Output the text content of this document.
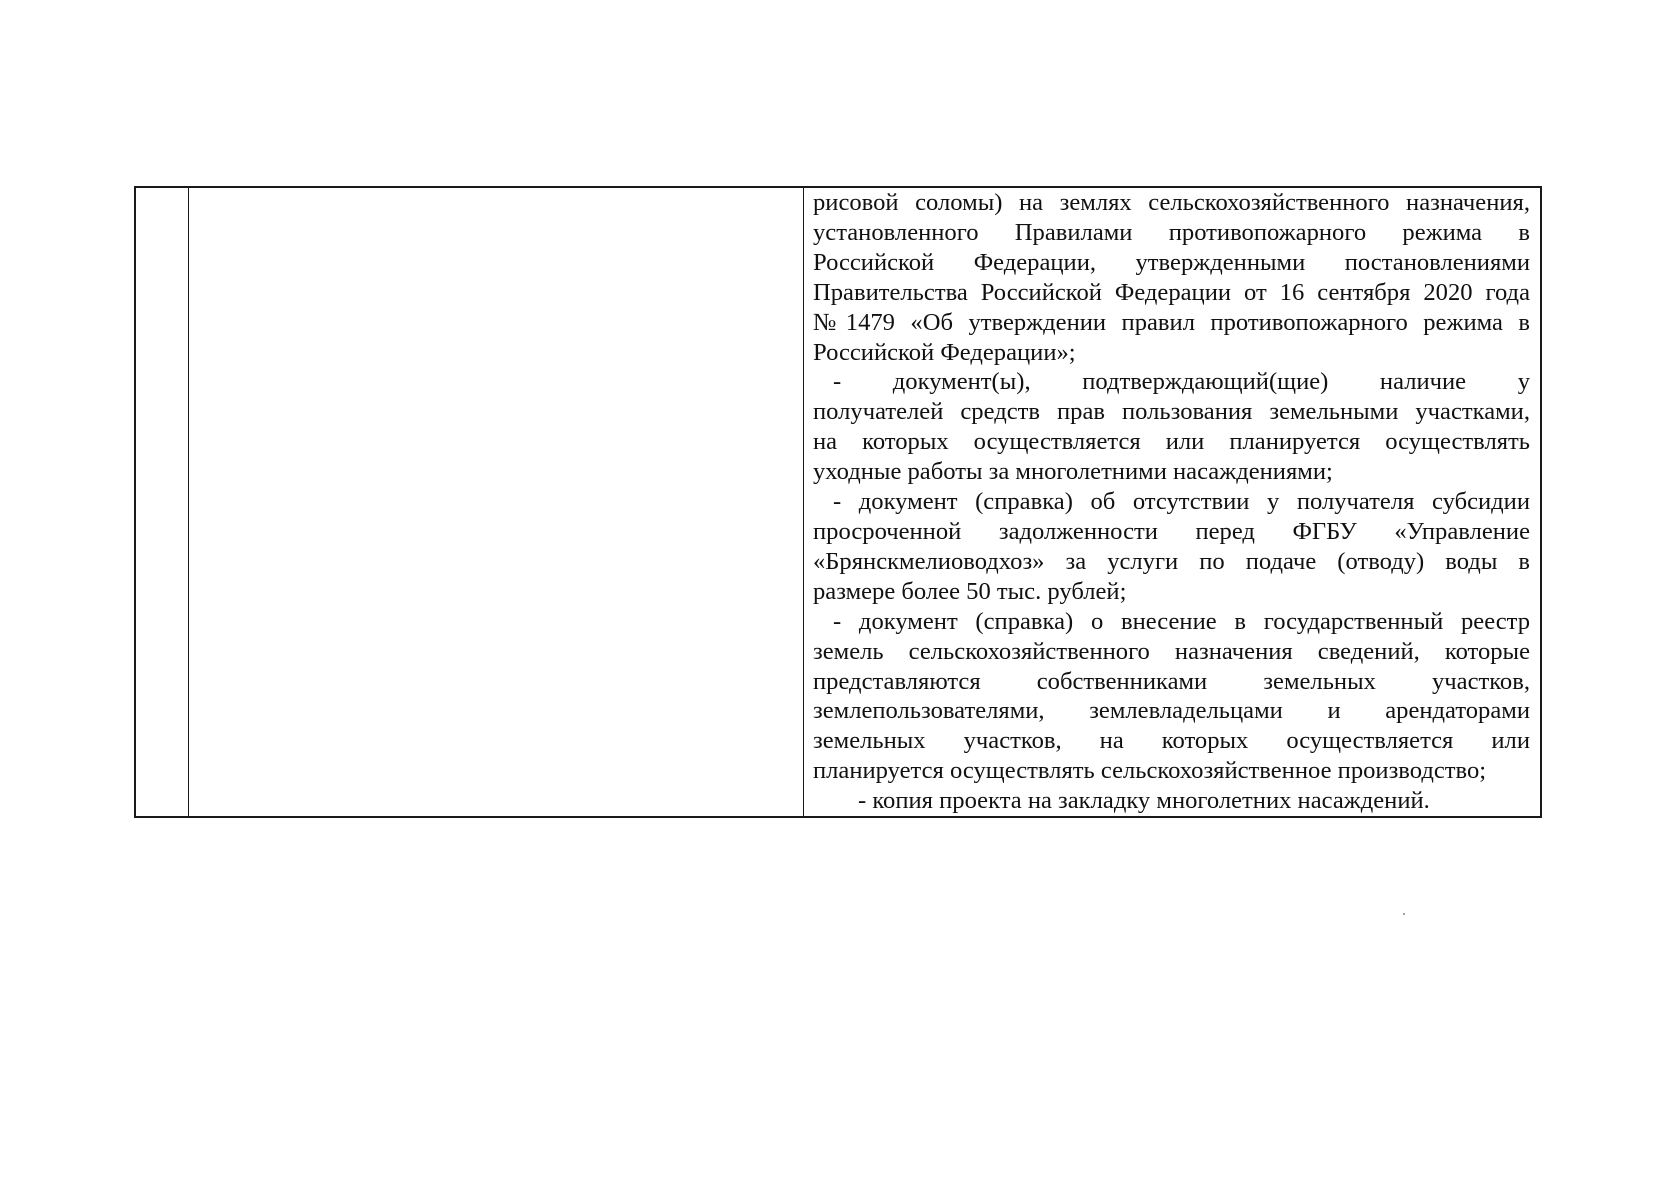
рисовой соломы) на землях сельскохозяйственного назначения,
установленного Правилами противопожарного режима в
Российской Федерации, утвержденными постановлениями
Правительства Российской Федерации от 16 сентября 2020 года
№1479 «Об утверждении правил противопожарного режима в
Российской Федерации»;
- документ(ы), подтверждающий(щие) наличие у
получателей средств прав пользования земельными участками,
на которых осуществляется или планируется осуществлять
уходные работы за многолетними насаждениями;
- документ (справка) об отсутствии у получателя субсидии
просроченной задолженности перед ФГБУ «Управление
«Брянскмелиоводхоз» за услуги по подаче (отводу) воды в
размере более 50 тыс. рублей;
- документ (справка) о внесение в государственный реестр
земель сельскохозяйственного назначения сведений, которые
представляются собственниками земельных участков,
землепользователями, землевладельцами и арендаторами
земельных участков, на которых осуществляется или
планируется осуществлять сельскохозяйственное производство;
- копия проекта на закладку многолетних насаждений.
